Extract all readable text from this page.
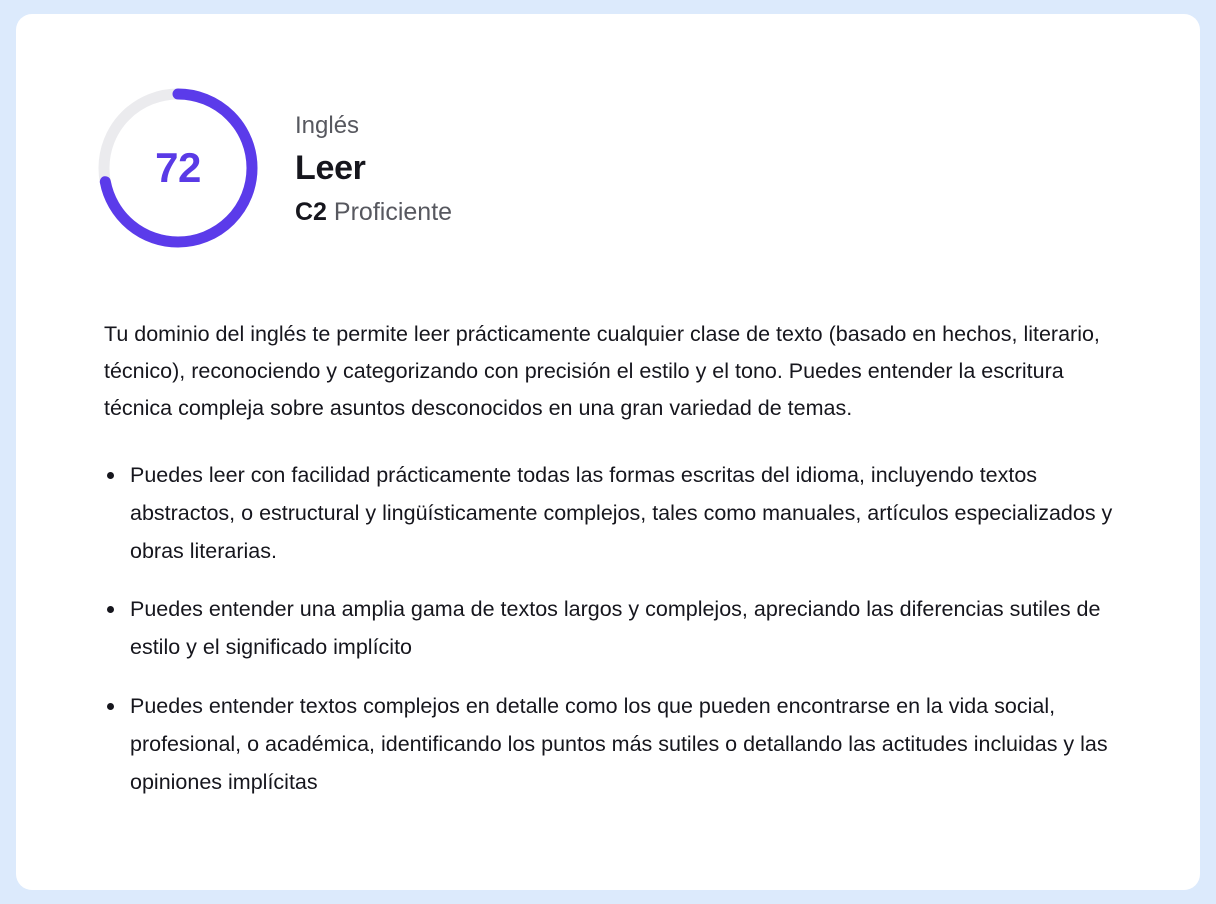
72
Inglés
Leer
C2 Proficiente

Tu dominio del inglés te permite leer prácticamente cualquier clase de texto (basado en hechos, literario, técnico), reconociendo y categorizando con precisión el estilo y el tono. Puedes entender la escritura técnica compleja sobre asuntos desconocidos en una gran variedad de temas.

Puedes leer con facilidad prácticamente todas las formas escritas del idioma, incluyendo textos abstractos, o estructural y lingüísticamente complejos, tales como manuales, artículos especializados y obras literarias.
Puedes entender una amplia gama de textos largos y complejos, apreciando las diferencias sutiles de estilo y el significado implícito
Puedes entender textos complejos en detalle como los que pueden encontrarse en la vida social, profesional, o académica, identificando los puntos más sutiles o detallando las actitudes incluidas y las opiniones implícitas
